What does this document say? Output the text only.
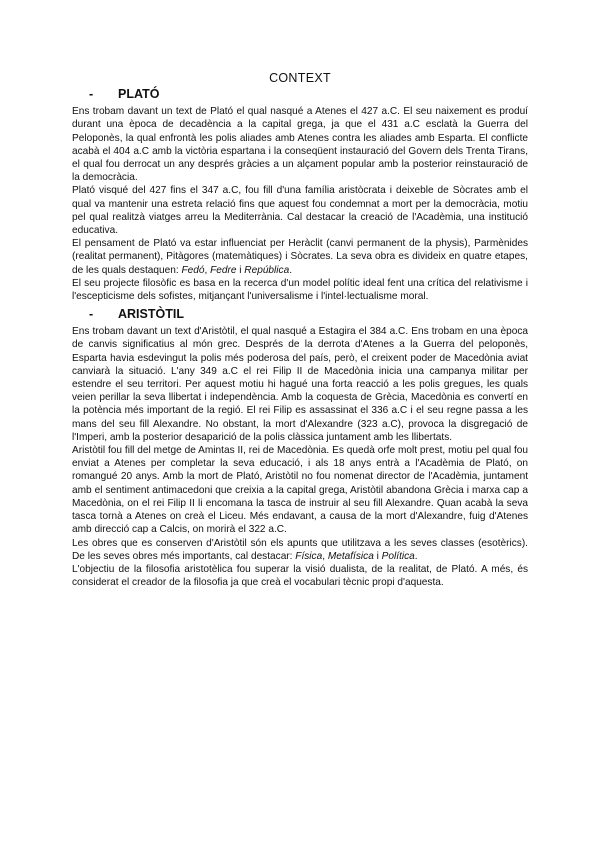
CONTEXT
- PLATÓ

Ens trobam davant un text de Plató el qual nasqué a Atenes el 427 a.C. El seu naixement es produí durant una època de decadència a la capital grega, ja que el 431 a.C esclatà la Guerra del Peloponès, la qual enfrontà les polis aliades amb Atenes contra les aliades amb Esparta. El conflicte acabà el 404 a.C amb la victòria espartana i la conseqüent instauració del Govern dels Trenta Tirans, el qual fou derrocat un any després gràcies a un alçament popular amb la posterior reinstauració de la democràcia.

Plató visqué del 427 fins el 347 a.C, fou fill d'una família aristòcrata i deixeble de Sòcrates amb el qual va mantenir una estreta relació fins que aquest fou condemnat a mort per la democràcia, motiu pel qual realitzà viatges arreu la Mediterrània. Cal destacar la creació de l'Acadèmia, una institució educativa.

El pensament de Plató va estar influenciat per Heràclit (canvi permanent de la physis), Parmènides (realitat permanent), Pitàgores (matemàtiques) i Sòcrates. La seva obra es divideix en quatre etapes, de les quals destaquen: Fedó, Fedre i República.

El seu projecte filosòfic es basa en la recerca d'un model polític ideal fent una crítica del relativisme i l'escepticisme dels sofistes, mitjançant l'universalisme i l'intel·lectualisme moral.

- ARISTÒTIL

Ens trobam davant un text d'Aristòtil, el qual nasqué a Estagira el 384 a.C. Ens trobam en una època de canvis significatius al món grec. Després de la derrota d'Atenes a la Guerra del peloponès, Esparta havia esdevingut la polis més poderosa del país, però, el creixent poder de Macedònia aviat canviarà la situació. L'any 349 a.C el rei Filip II de Macedònia inicia una campanya militar per estendre el seu territori. Per aquest motiu hi hagué una forta reacció a les polis gregues, les quals veien perillar la seva llibertat i independència. Amb la coquesta de Grècia, Macedònia es convertí en la potència més important de la regió. El rei Filip es assassinat el 336 a.C i el seu regne passa a les mans del seu fill Alexandre. No obstant, la mort d'Alexandre (323 a.C), provoca la disgregació de l'Imperi, amb la posterior desaparició de la polis clàssica juntament amb les llibertats.

Aristòtil fou fill del metge de Amintas II, rei de Macedònia. Es quedà orfe molt prest, motiu pel qual fou enviat a Atenes per completar la seva educació, i als 18 anys entrà a l'Acadèmia de Plató, on romangué 20 anys. Amb la mort de Plató, Aristòtil no fou nomenat director de l'Acadèmia, juntament amb el sentiment antimacedoni que creixia a la capital grega, Aristòtil abandona Grècia i marxa cap a Macedònia, on el rei Filip II li encomana la tasca de instruir al seu fill Alexandre. Quan acabà la seva tasca tornà a Atenes on creà el Liceu. Més endavant, a causa de la mort d'Alexandre, fuig d'Atenes amb direcció cap a Calcis, on morirà el 322 a.C.

Les obres que es conserven d'Aristòtil són els apunts que utilitzava a les seves classes (esotèrics). De les seves obres més importants, cal destacar: Física, Metafísica i Política.

L'objectiu de la filosofia aristotèlica fou superar la visió dualista, de la realitat, de Plató. A més, és considerat el creador de la filosofia ja que creà el vocabulari tècnic propi d'aquesta.
